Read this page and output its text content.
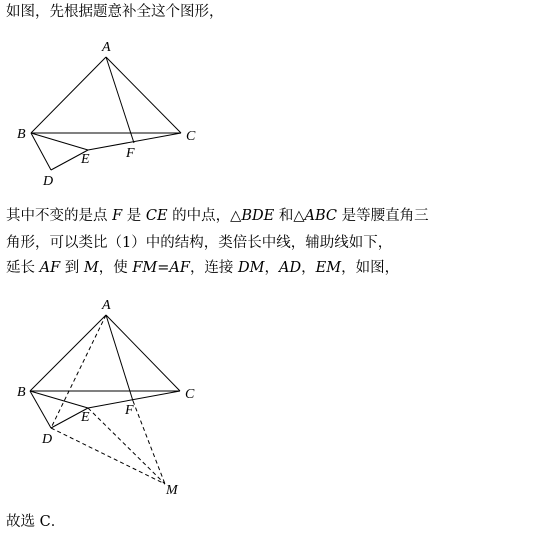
如图，先根据题意补全这个图形，
A
B	C
E	F
D
其中不变的是点 F 是 CE 的中点，△BDE 和△ABC 是等腰直角三
角形，可以类比（1）中的结构，类倍长中线，辅助线如下，
延长 AF 到 M，使 FM=AF，连接 DM，AD，EM，如图，
A
B	C
E	F
D
M
故选 C．
